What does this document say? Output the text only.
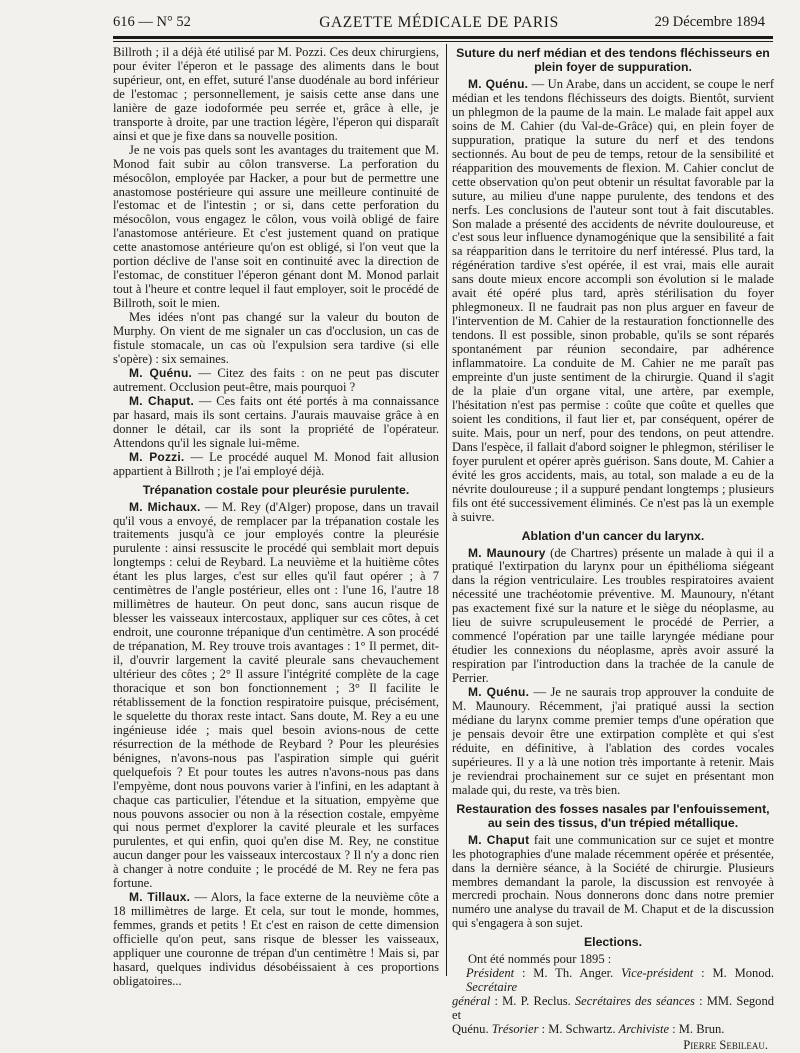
616 — N° 52	GAZETTE MÉDICALE DE PARIS	29 Décembre 1894

Billroth ; il a déjà été utilisé par M. Pozzi. Ces deux chirurgiens, pour éviter l'éperon et le passage des aliments dans le bout supérieur, ont, en effet, suturé l'anse duodénale au bord inférieur de l'estomac ; personnellement, je saisis cette anse dans une lanière de gaze iodoformée peu serrée et, grâce à elle, je transporte à droite, par une traction légère, l'éperon qui disparaît ainsi et que je fixe dans sa nouvelle position.

Je ne vois pas quels sont les avantages du traitement que M. Monod fait subir au côlon transverse. La perforation du mésocôlon, employée par Hacker, a pour but de permettre une anastomose postérieure qui assure une meilleure continuité de l'estomac et de l'intestin ; or si, dans cette perforation du mésocôlon, vous engagez le côlon, vous voilà obligé de faire l'anastomose antérieure. Et c'est justement quand on pratique cette anastomose antérieure qu'on est obligé, si l'on veut que la portion déclive de l'anse soit en continuité avec la direction de l'estomac, de constituer l'éperon génant dont M. Monod parlait tout à l'heure et contre lequel il faut employer, soit le procédé de Billroth, soit le mien.

Mes idées n'ont pas changé sur la valeur du bouton de Murphy. On vient de me signaler un cas d'occlusion, un cas de fistule stomacale, un cas où l'expulsion sera tardive (si elle s'opère) : six semaines.

M. Quénu. — Citez des faits : on ne peut pas discuter autrement. Occlusion peut-être, mais pourquoi ?

M. Chaput. — Ces faits ont été portés à ma connaissance par hasard, mais ils sont certains. J'aurais mauvaise grâce à en donner le détail, car ils sont la propriété de l'opérateur. Attendons qu'il les signale lui-même.

M. Pozzi. — Le procédé auquel M. Monod fait allusion appartient à Billroth ; je l'ai employé déjà.

Trépanation costale pour pleurésie purulente.

M. Michaux. — M. Rey (d'Alger) propose, dans un travail qu'il vous a envoyé, de remplacer par la trépanation costale les traitements jusqu'à ce jour employés contre la pleurésie purulente : ainsi ressuscite le procédé qui semblait mort depuis longtemps : celui de Reybard. La neuvième et la huitième côtes étant les plus larges, c'est sur elles qu'il faut opérer ; à 7 centimètres de l'angle postérieur, elles ont : l'une 16, l'autre 18 millimètres de hauteur. On peut donc, sans aucun risque de blesser les vaisseaux intercostaux, appliquer sur ces côtes, à cet endroit, une couronne trépanique d'un centimètre. A son procédé de trépanation, M. Rey trouve trois avantages : 1° Il permet, dit-il, d'ouvrir largement la cavité pleurale sans chevauchement ultérieur des côtes ; 2° Il assure l'intégrité complète de la cage thoracique et son bon fonctionnement ; 3° Il facilite le rétablissement de la fonction respiratoire puisque, précisément, le squelette du thorax reste intact. Sans doute, M. Rey a eu une ingénieuse idée ; mais quel besoin avions-nous de cette résurrection de la méthode de Reybard ? Pour les pleurésies bénignes, n'avons-nous pas l'aspiration simple qui guérit quelquefois ? Et pour toutes les autres n'avons-nous pas dans l'empyème, dont nous pouvons varier à l'infini, en les adaptant à chaque cas particulier, l'étendue et la situation, empyème que nous pouvons associer ou non à la résection costale, empyème qui nous permet d'explorer la cavité pleurale et les surfaces purulentes, et qui enfin, quoi qu'en dise M. Rey, ne constitue aucun danger pour les vaisseaux intercostaux ? Il n'y a donc rien à changer à notre conduite ; le procédé de M. Rey ne fera pas fortune.

M. Tillaux. — Alors, la face externe de la neuvième côte a 18 millimètres de large. Et cela, sur tout le monde, hommes, femmes, grands et petits ! Et c'est en raison de cette dimension officielle qu'on peut, sans risque de blesser les vaisseaux, appliquer une couronne de trépan d'un centimètre ! Mais si, par hasard, quelques individus désobéissaient à ces proportions obligatoires...

Suture du nerf médian et des tendons fléchisseurs en plein foyer de suppuration.

M. Quénu. — Un Arabe, dans un accident, se coupe le nerf médian et les tendons fléchisseurs des doigts. Bientôt, survient un phlegmon de la paume de la main. Le malade fait appel aux soins de M. Cahier (du Val-de-Grâce) qui, en plein foyer de suppuration, pratique la suture du nerf et des tendons sectionnés. Au bout de peu de temps, retour de la sensibilité et réapparition des mouvements de flexion. M. Cahier conclut de cette observation qu'on peut obtenir un résultat favorable par la suture, au milieu d'une nappe purulente, des tendons et des nerfs. Les conclusions de l'auteur sont tout à fait discutables. Son malade a présenté des accidents de névrite douloureuse, et c'est sous leur influence dynamogénique que la sensibilité a fait sa réapparition dans le territoire du nerf intéressé. Plus tard, la régénération tardive s'est opérée, il est vrai, mais elle aurait sans doute mieux encore accompli son évolution si le malade avait été opéré plus tard, après stérilisation du foyer phlegmoneux. Il ne faudrait pas non plus arguer en faveur de l'intervention de M. Cahier de la restauration fonctionnelle des tendons. Il est possible, sinon probable, qu'ils se sont réparés spontanément par réunion secondaire, par adhérence inflammatoire. La conduite de M. Cahier ne me paraît pas empreinte d'un juste sentiment de la chirurgie. Quand il s'agit de la plaie d'un organe vital, une artère, par exemple, l'hésitation n'est pas permise : coûte que coûte et quelles que soient les conditions, il faut lier et, par conséquent, opérer de suite. Mais, pour un nerf, pour des tendons, on peut attendre. Dans l'espèce, il fallait d'abord soigner le phlegmon, stériliser le foyer purulent et opérer après guérison. Sans doute, M. Cahier a évité les gros accidents, mais, au total, son malade a eu de la névrite douloureuse ; il a suppuré pendant longtemps ; plusieurs fils ont été successivement éliminés. Ce n'est pas là un exemple à suivre.

Ablation d'un cancer du larynx.

M. Maunoury (de Chartres) présente un malade à qui il a pratiqué l'extirpation du larynx pour un épithélioma siégeant dans la région ventriculaire. Les troubles respiratoires avaient nécessité une trachéotomie préventive. M. Maunoury, n'étant pas exactement fixé sur la nature et le siège du néoplasme, au lieu de suivre scrupuleusement le procédé de Perrier, a commencé l'opération par une taille laryngée médiane pour étudier les connexions du néoplasme, après avoir assuré la respiration par l'introduction dans la trachée de la canule de Perrier.

M. Quénu. — Je ne saurais trop approuver la conduite de M. Maunoury. Récemment, j'ai pratiqué aussi la section médiane du larynx comme premier temps d'une opération que je pensais devoir être une extirpation complète et qui s'est réduite, en définitive, à l'ablation des cordes vocales supérieures. Il y a là une notion très importante à retenir. Mais je reviendrai prochainement sur ce sujet en présentant mon malade qui, du reste, va très bien.

Restauration des fosses nasales par l'enfouissement, au sein des tissus, d'un trépied métallique.

M. Chaput fait une communication sur ce sujet et montre les photographies d'une malade récemment opérée et présentée, dans la dernière séance, à la Société de chirurgie. Plusieurs membres demandant la parole, la discussion est renvoyée à mercredi prochain. Nous donnerons donc dans notre premier numéro une analyse du travail de M. Chaput et de la discussion qui s'engagera à son sujet.

Elections.

Ont été nommés pour 1895 :

Président : M. Th. Anger. Vice-président : M. Monod. Secrétaire

général : M. P. Reclus. Secrétaires des séances : MM. Segond et

Quénu. Trésorier : M. Schwartz. Archiviste : M. Brun.

Pierre Sebileau.
